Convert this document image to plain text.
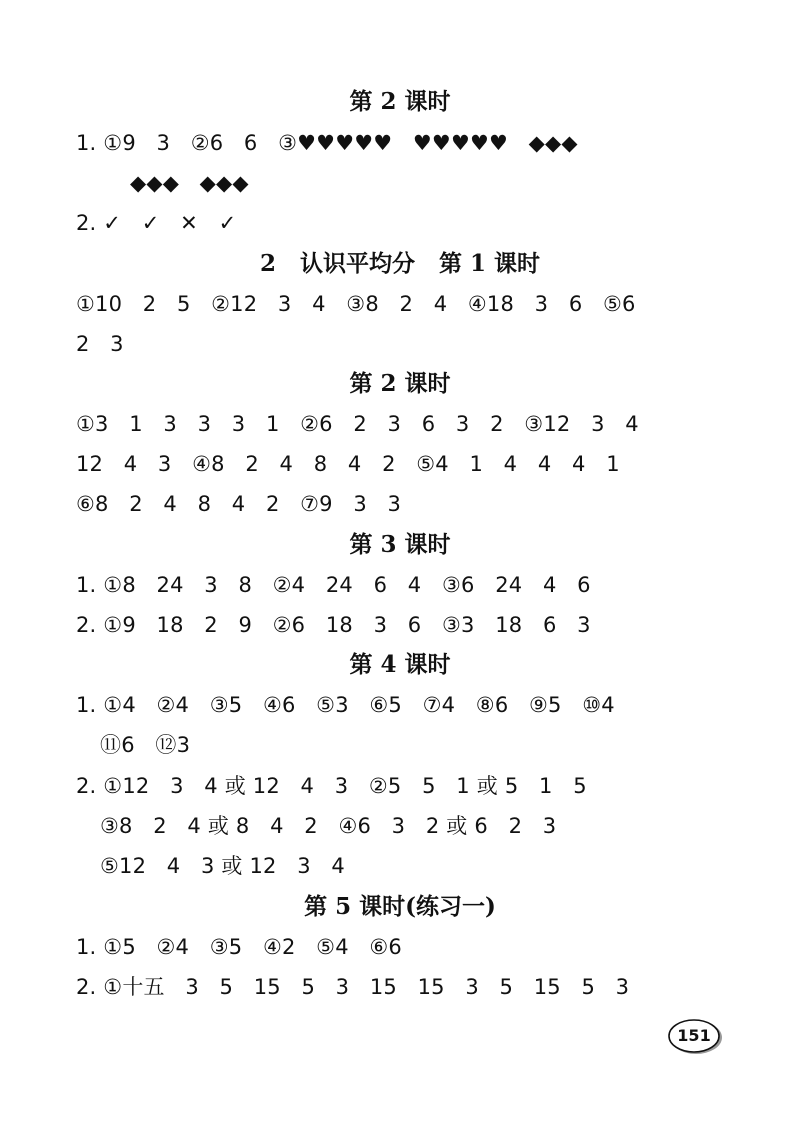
第 2 课时
1. ①9   3   ②6   6   ③♥♥♥♥♥   ♥♥♥♥♥   ◆◆◆
◆◆◆   ◆◆◆
2. ✓   ✓   ✕   ✓
2   认识平均分   第 1 课时
①10   2   5   ②12   3   4   ③8   2   4   ④18   3   6   ⑤6
2   3
第 2 课时
①3   1   3   3   3   1   ②6   2   3   6   3   2   ③12   3   4
12   4   3   ④8   2   4   8   4   2   ⑤4   1   4   4   4   1
⑥8   2   4   8   4   2   ⑦9   3   3
第 3 课时
1. ①8   24   3   8   ②4   24   6   4   ③6   24   4   6
2. ①9   18   2   9   ②6   18   3   6   ③3   18   6   3
第 4 课时
1. ①4   ②4   ③5   ④6   ⑤3   ⑥5   ⑦4   ⑧6   ⑨5   ⑩4
⑪6   ⑫3
2. ①12   3   4 或 12   4   3   ②5   5   1 或 5   1   5
③8   2   4 或 8   4   2   ④6   3   2 或 6   2   3
⑤12   4   3 或 12   3   4
第 5 课时(练习一)
1. ①5   ②4   ③5   ④2   ⑤4   ⑥6
2. ①十五   3   5   15   5   3   15   15   3   5   15   5   3
151
